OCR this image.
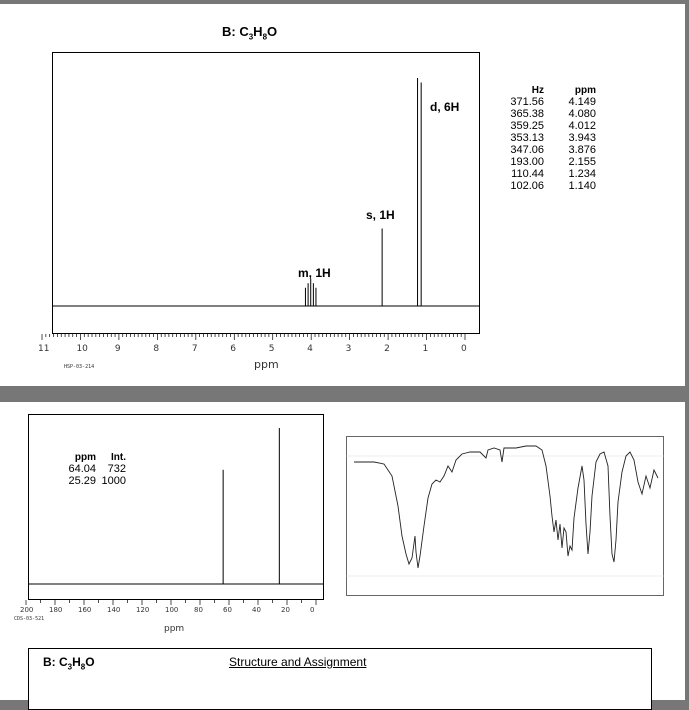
B: $C_3H_8O$
d, 6H
s, 1H
m, 1H
Hz	ppm
371.56	4.149
365.38	4.080
359.25	4.012
353.13	3.943
347.06	3.876
193.00	2.155
110.44	1.234
102.06	1.140
11	10	9	8	7	6	5	4	3	2	1	0
ppm
HSP-03-214
ppm	Int.
64.04	732
25.29 1000
200 180 160 140 120 100 80	60	40	20	0
ppm
CDS-03-521
B: $C_3H_8O$	Structure and Assignment
